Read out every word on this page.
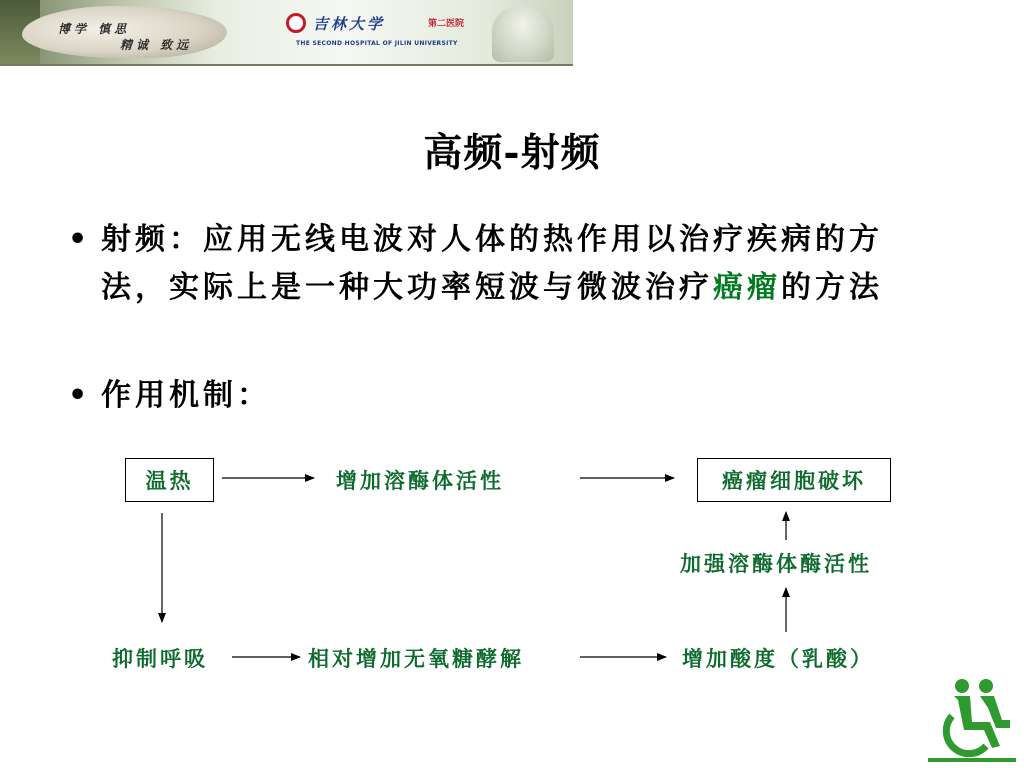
博学 慎思
精诚 致远
吉林大学	第二医院
THE SECOND HOSPITAL OF JILIN UNIVERSITY
高频-射频
• 射频：应用无线电波对人体的热作用以治疗疾病的方法，实际上是一种大功率短波与微波治疗癌瘤的方法
• 作用机制：
温热	增加溶酶体活性	癌瘤细胞破坏
加强溶酶体酶活性
抑制呼吸	相对增加无氧糖酵解	增加酸度（乳酸）
